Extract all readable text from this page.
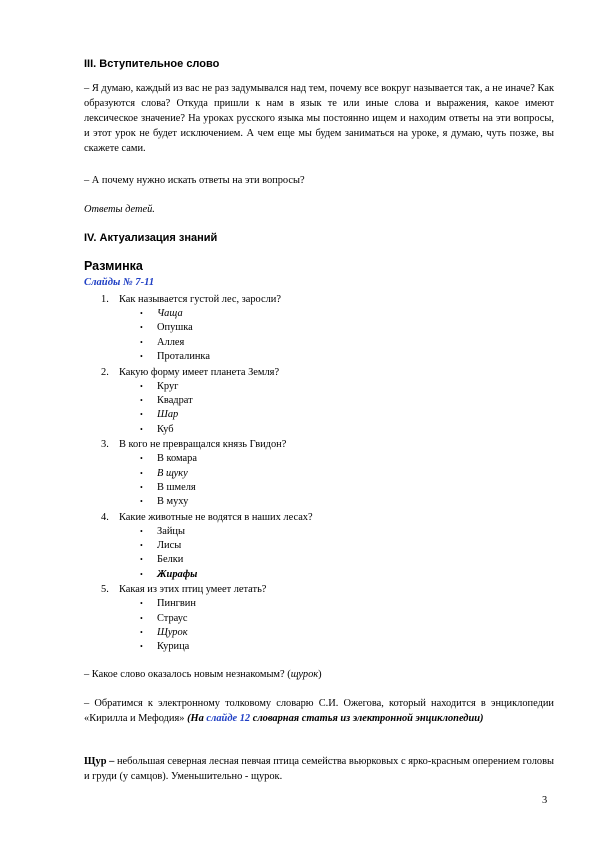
III. Вступительное слово

– Я думаю, каждый из вас не раз задумывался над тем, почему все вокруг называется так, а не иначе? Как образуются слова? Откуда пришли к нам в язык те или иные слова и выражения, какое имеют лексическое значение? На уроках русского языка мы постоянно ищем и находим ответы на эти вопросы, и этот урок не будет исключением. А чем еще мы будем заниматься на уроке, я думаю, чуть позже, вы скажете сами.

– А почему нужно искать ответы на эти вопросы?

Ответы детей.

IV. Актуализация знаний
Разминка
Слайды № 7-11
1. Как называется густой лес, заросли?
• Чаща
• Опушка
• Аллея
• Проталинка
2. Какую форму имеет планета Земля?
• Круг
• Квадрат
• Шар
• Куб
3. В кого не превращался князь Гвидон?
• В комара
• В щуку
• В шмеля
• В муху
4. Какие животные не водятся в наших лесах?
• Зайцы
• Лисы
• Белки
• Жирафы
5. Какая из этих птиц умеет летать?
• Пингвин
• Страус
• Щурок
• Курица

– Какое слово оказалось новым незнакомым? (щурок)

– Обратимся к электронному толковому словарю С.И. Ожегова, который находится в энциклопедии «Кирилла и Мефодия» (На слайде 12 словарная статья из электронной энциклопедии)

Щур – небольшая северная лесная певчая птица семейства вьюрковых с ярко-красным оперением головы и груди (у самцов). Уменьшительно - щурок.

3
